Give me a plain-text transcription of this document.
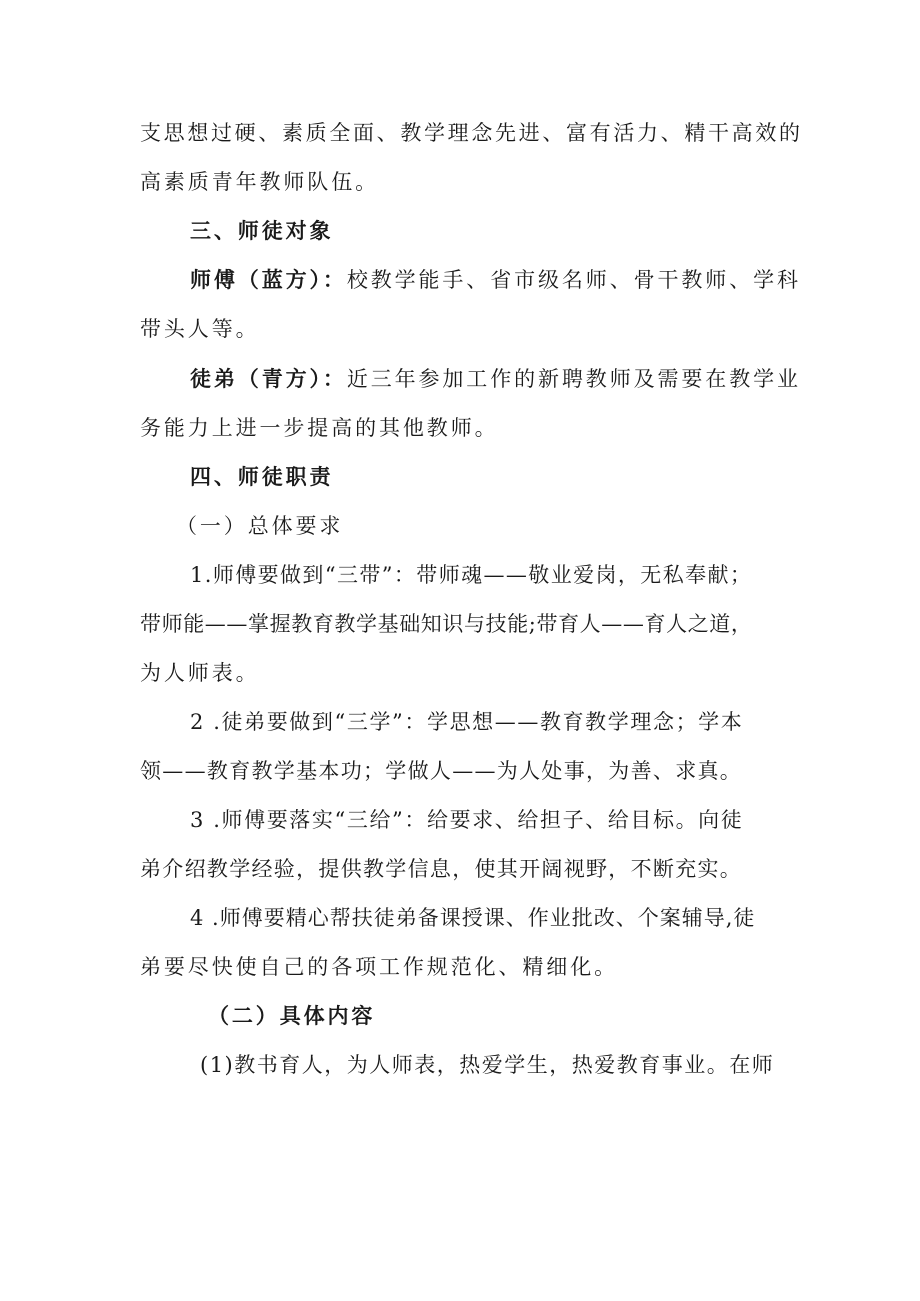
支思想过硬、素质全面、教学理念先进、富有活力、精干高效的
高素质青年教师队伍。
三、师徒对象
师傅（蓝方）：校教学能手、省市级名师、骨干教师、学科
带头人等。
徒弟（青方）：近三年参加工作的新聘教师及需要在教学业
务能力上进一步提高的其他教师。
四、师徒职责
（一）总体要求
1.师傅要做到“三带”：带师魂——敬业爱岗，无私奉献；
带师能——掌握教育教学基础知识与技能;带育人——育人之道，
为人师表。
2 .徒弟要做到“三学”：学思想——教育教学理念；学本
领——教育教学基本功；学做人——为人处事，为善、求真。
3 .师傅要落实“三给”：给要求、给担子、给目标。向徒
弟介绍教学经验，提供教学信息，使其开阔视野，不断充实。
4 .师傅要精心帮扶徒弟备课授课、作业批改、个案辅导,徒
弟要尽快使自己的各项工作规范化、精细化。
（二）具体内容
(1)教书育人，为人师表，热爱学生，热爱教育事业。在师
